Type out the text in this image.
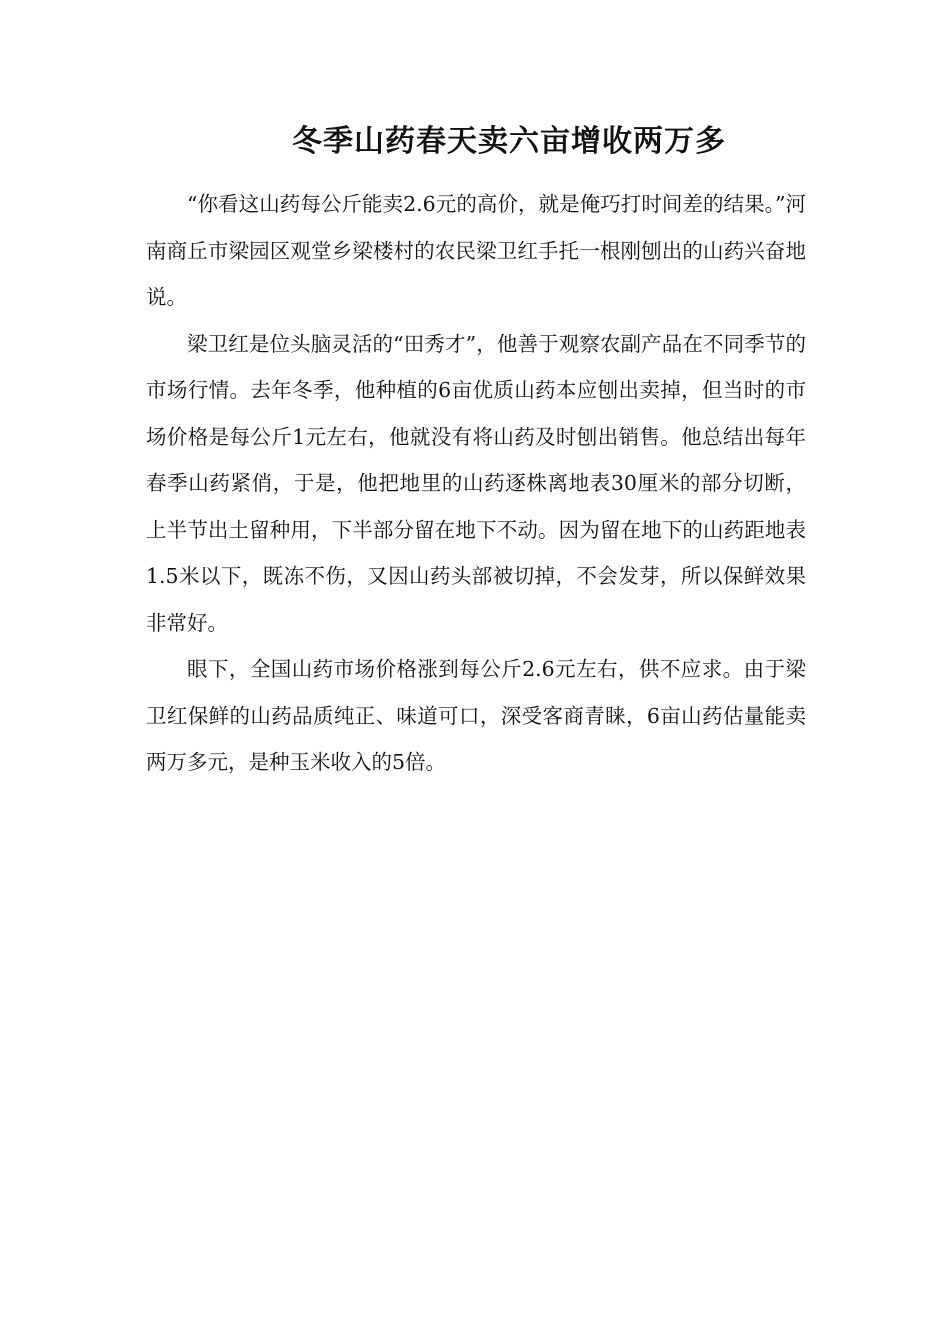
冬季山药春天卖六亩增收两万多

“你看这山药每公斤能卖2.6元的高价，就是俺巧打时间差的结果。”河南商丘市梁园区观堂乡梁楼村的农民梁卫红手托一根刚刨出的山药兴奋地说。

梁卫红是位头脑灵活的“田秀才”，他善于观察农副产品在不同季节的市场行情。去年冬季，他种植的6亩优质山药本应刨出卖掉，但当时的市场价格是每公斤1元左右，他就没有将山药及时刨出销售。他总结出每年春季山药紧俏，于是，他把地里的山药逐株离地表30厘米的部分切断，上半节出土留种用，下半部分留在地下不动。因为留在地下的山药距地表1.5米以下，既冻不伤，又因山药头部被切掉，不会发芽，所以保鲜效果非常好。

眼下，全国山药市场价格涨到每公斤2.6元左右，供不应求。由于梁卫红保鲜的山药品质纯正、味道可口，深受客商青睐，6亩山药估量能卖两万多元，是种玉米收入的5倍。
